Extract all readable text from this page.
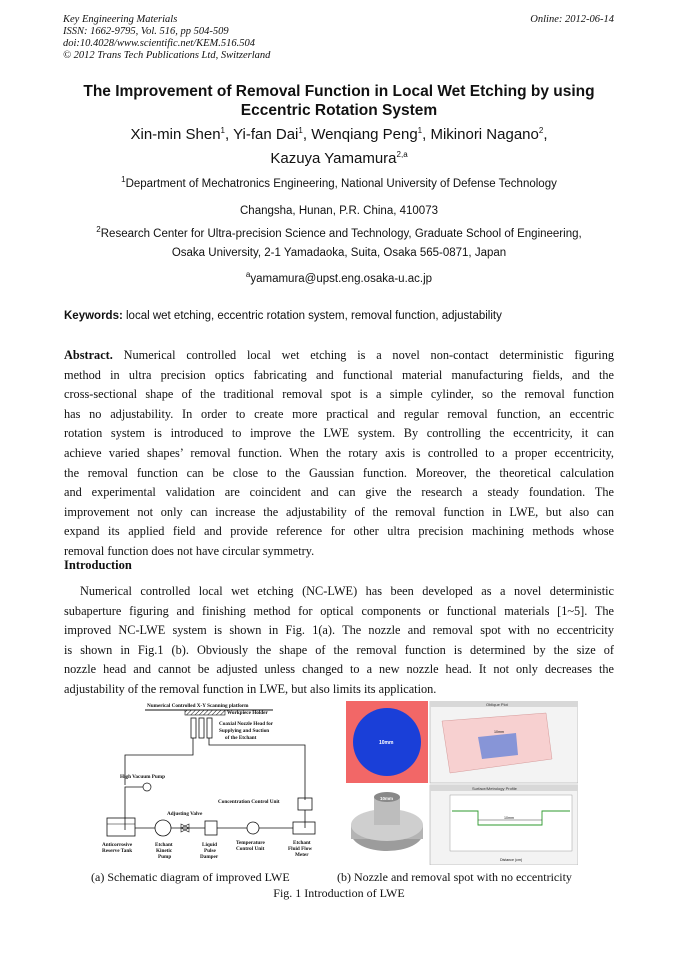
Key Engineering Materials
ISSN: 1662-9795, Vol. 516, pp 504-509
doi:10.4028/www.scientific.net/KEM.516.504
© 2012 Trans Tech Publications Ltd, Switzerland
Online: 2012-06-14
The Improvement of Removal Function in Local Wet Etching by using
Eccentric Rotation System
Xin-min Shen$^1$, Yi-fan Dai$^1$, Wenqiang Peng$^1$, Mikinori Nagano$^2$,
Kazuya Yamamura$^{2,a}$
$^1$Department of Mechatronics Engineering, National University of Defense Technology
Changsha, Hunan, P.R. China, 410073
$^2$Research Center for Ultra-precision Science and Technology, Graduate School of Engineering,
Osaka University, 2-1 Yamadaoka, Suita, Osaka 565-0871, Japan
$^a$yamamura@upst.eng.osaka-u.ac.jp
Keywords: local wet etching, eccentric rotation system, removal function, adjustability
Abstract. Numerical controlled local wet etching is a novel non-contact deterministic figuring
method in ultra precision optics fabricating and functional material manufacturing fields, and the
cross-sectional shape of the traditional removal spot is a simple cylinder, so the removal function
has no adjustability. In order to create more practical and regular removal function, an eccentric
rotation system is introduced to improve the LWE system. By controlling the eccentricity, it can
achieve varied shapes’ removal function. When the rotary axis is controlled to a proper eccentricity,
the removal function can be close to the Gaussian function. Moreover, the theoretical calculation
and experimental validation are coincident and can give the research a steady foundation. The
improvement not only can increase the adjustability of the removal function in LWE, but also can
expand its applied field and provide reference for other ultra precision machining methods whose
removal function does not have circular symmetry.
Introduction
Numerical controlled local wet etching (NC-LWE) has been developed as a novel deterministic
subaperture figuring and finishing method for optical components or functional materials [1~5]. The
improved NC-LWE system is shown in Fig. 1(a). The nozzle and removal spot with no eccentricity
is shown in Fig.1 (b). Obviously the shape of the removal function is determined by the size of
nozzle head and cannot be adjusted unless changed to a new nozzle head. It not only decreases the
adjustability of the removal function in LWE, but also limits its application.
Numerical Controlled X-Y Scanning platform
Workpiece Holder
Coaxial Nozzle Head for
Supplying and Suction
of the Etchant
High Vacuum Pump
Concentration Control Unit
Adjusting Valve
Anticorrosive
Reserve Tank
Etchant
Kinetic
Pump
Liquid
Pulse
Damper
Temperature
Control Unit
Etchant
Fluid Flow
Meter
10mm
Oblique Plot
10mm
10mm
Surface/Metrology Profile
10mm
Distance (cm)
(a) Schematic diagram of improved LWE	(b) Nozzle and removal spot with no eccentricity
Fig. 1 Introduction of LWE
